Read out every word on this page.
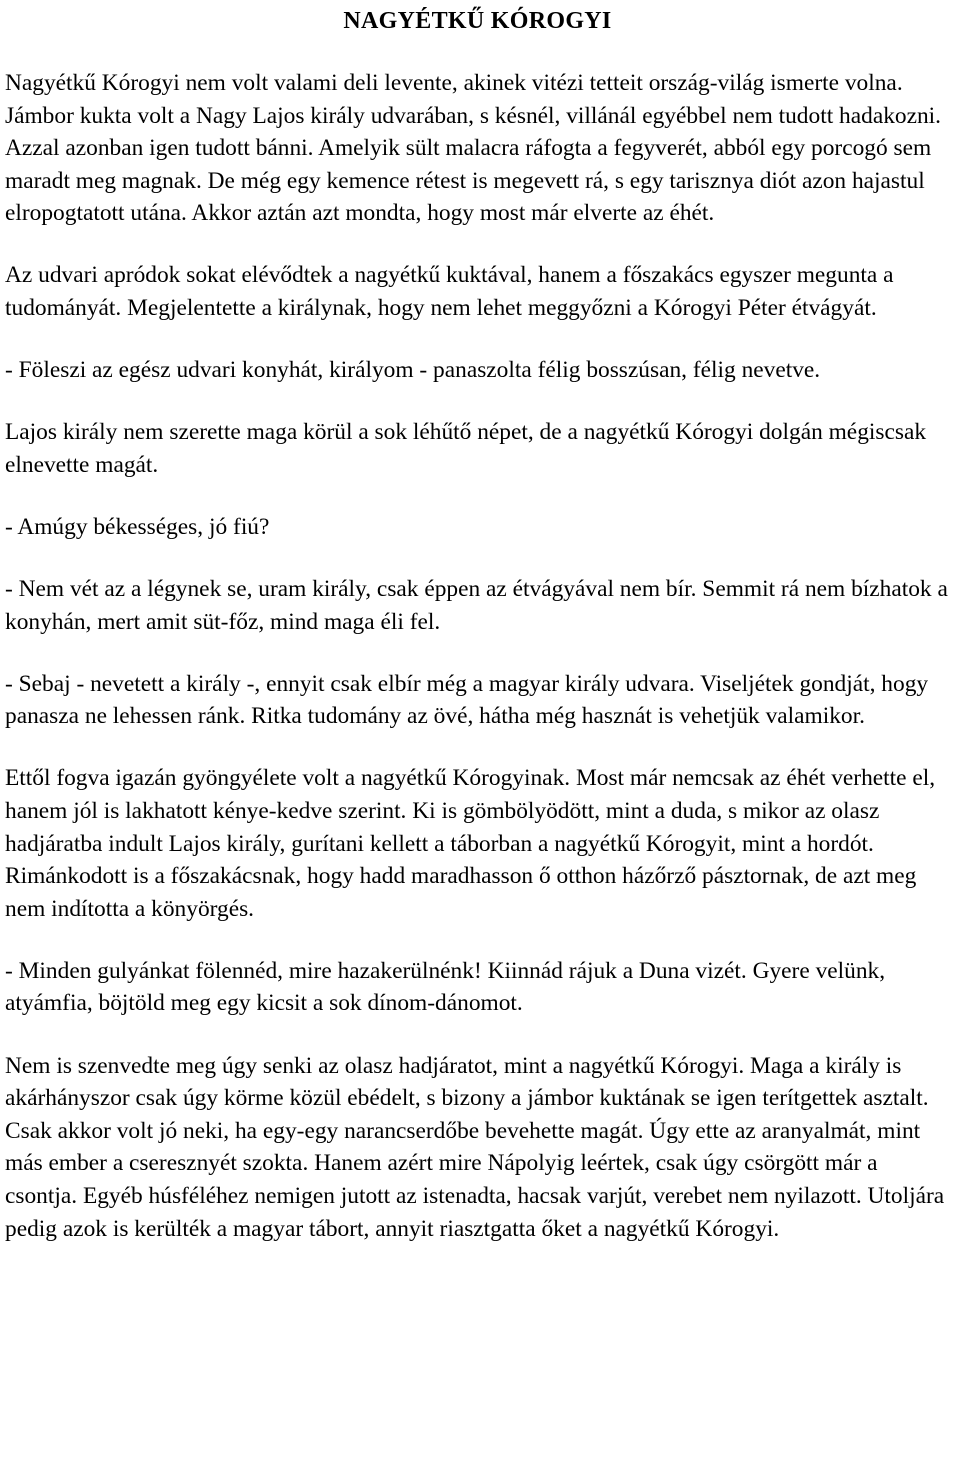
NAGYÉTKŰ KÓROGYI

Nagyétkű Kórogyi nem volt valami deli levente, akinek vitézi tetteit ország-világ ismerte volna. Jámbor kukta volt a Nagy Lajos király udvarában, s késnél, villánál egyébbel nem tudott hadakozni. Azzal azonban igen tudott bánni. Amelyik sült malacra ráfogta a fegyverét, abból egy porcogó sem maradt meg magnak. De még egy kemence rétest is megevett rá, s egy tarisznya diót azon hajastul elropogtatott utána. Akkor aztán azt mondta, hogy most már elverte az éhét.

Az udvari apródok sokat elévődtek a nagyétkű kuktával, hanem a főszakács egyszer megunta a tudományát. Megjelentette a királynak, hogy nem lehet meggyőzni a Kórogyi Péter étvágyát.

- Föleszi az egész udvari konyhát, királyom - panaszolta félig bosszúsan, félig nevetve.

Lajos király nem szerette maga körül a sok léhűtő népet, de a nagyétkű Kórogyi dolgán mégiscsak elnevette magát.

- Amúgy békességes, jó fiú?

- Nem vét az a légynek se, uram király, csak éppen az étvágyával nem bír. Semmit rá nem bízhatok a konyhán, mert amit süt-főz, mind maga éli fel.

- Sebaj - nevetett a király -, ennyit csak elbír még a magyar király udvara. Viseljétek gondját, hogy panasza ne lehessen ránk. Ritka tudomány az övé, hátha még hasznát is vehetjük valamikor.

Ettől fogva igazán gyöngyélete volt a nagyétkű Kórogyinak. Most már nemcsak az éhét verhette el, hanem jól is lakhatott kénye-kedve szerint. Ki is gömbölyödött, mint a duda, s mikor az olasz hadjáratba indult Lajos király, gurítani kellett a táborban a nagyétkű Kórogyit, mint a hordót. Rimánkodott is a főszakácsnak, hogy hadd maradhasson ő otthon házőrző pásztornak, de azt meg nem indította a könyörgés.

- Minden gulyánkat fölennéd, mire hazakerülnénk! Kiinnád rájuk a Duna vizét. Gyere velünk, atyámfia, böjtöld meg egy kicsit a sok dínom-dánomot.

Nem is szenvedte meg úgy senki az olasz hadjáratot, mint a nagyétkű Kórogyi. Maga a király is akárhányszor csak úgy körme közül ebédelt, s bizony a jámbor kuktának se igen terítgettek asztalt. Csak akkor volt jó neki, ha egy-egy narancserdőbe bevehette magát. Úgy ette az aranyalmát, mint más ember a cseresznyét szokta. Hanem azért mire Nápolyig leértek, csak úgy csörgött már a csontja. Egyéb húsféléhez nemigen jutott az istenadta, hacsak varjút, verebet nem nyilazott. Utoljára pedig azok is kerülték a magyar tábort, annyit riasztgatta őket a nagyétkű Kórogyi.
